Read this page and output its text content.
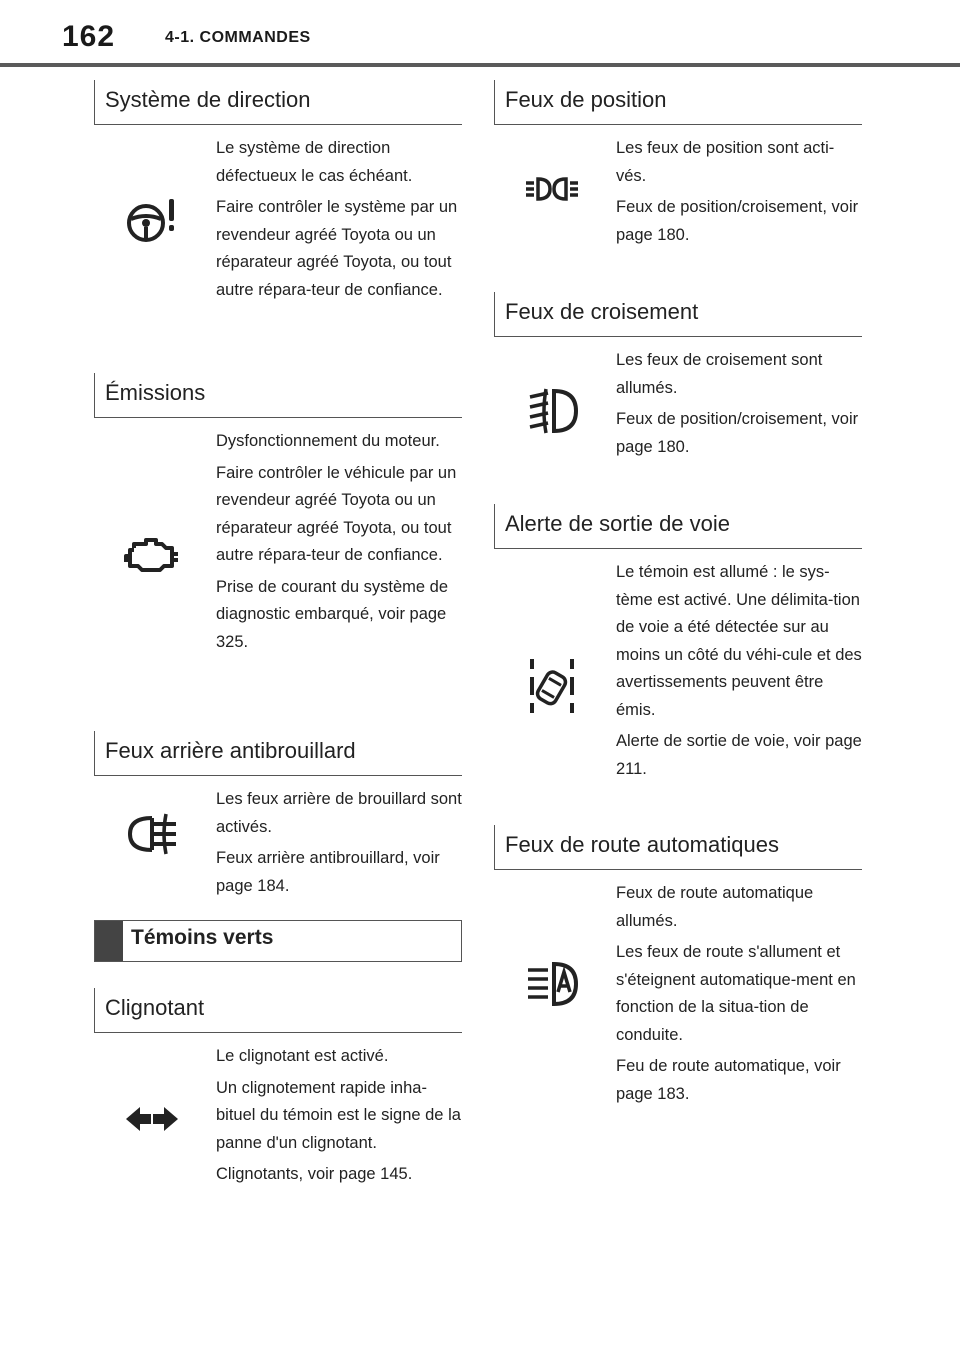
162	4-1. COMMANDES
Système de direction

Le système de direction défectueux le cas échéant.

Faire contrôler le système par un revendeur agréé Toyota ou un réparateur agréé Toyota, ou tout autre répara-teur de confiance.

Émissions

Dysfonctionnement du moteur.

Faire contrôler le véhicule par un revendeur agréé Toyota ou un réparateur agréé Toyota, ou tout autre répara-teur de confiance.

Prise de courant du système de diagnostic embarqué, voir page 325.

Feux arrière antibrouillard

Les feux arrière de brouillard sont activés.

Feux arrière antibrouillard, voir page 184.

Témoins verts
Clignotant

Le clignotant est activé.

Un clignotement rapide inha-bituel du témoin est le signe de la panne d'un clignotant.

Clignotants, voir page 145.

Feux de position

Les feux de position sont acti-vés.

Feux de position/croisement, voir page 180.

Feux de croisement

Les feux de croisement sont allumés.

Feux de position/croisement, voir page 180.

Alerte de sortie de voie

Le témoin est allumé : le sys-tème est activé. Une délimita-tion de voie a été détectée sur au moins un côté du véhi-cule et des avertissements peuvent être émis.

Alerte de sortie de voie, voir page 211.

Feux de route automatiques

Feux de route automatique allumés.

Les feux de route s'allument et s'éteignent automatique-ment en fonction de la situa-tion de conduite.

Feu de route automatique, voir page 183.
